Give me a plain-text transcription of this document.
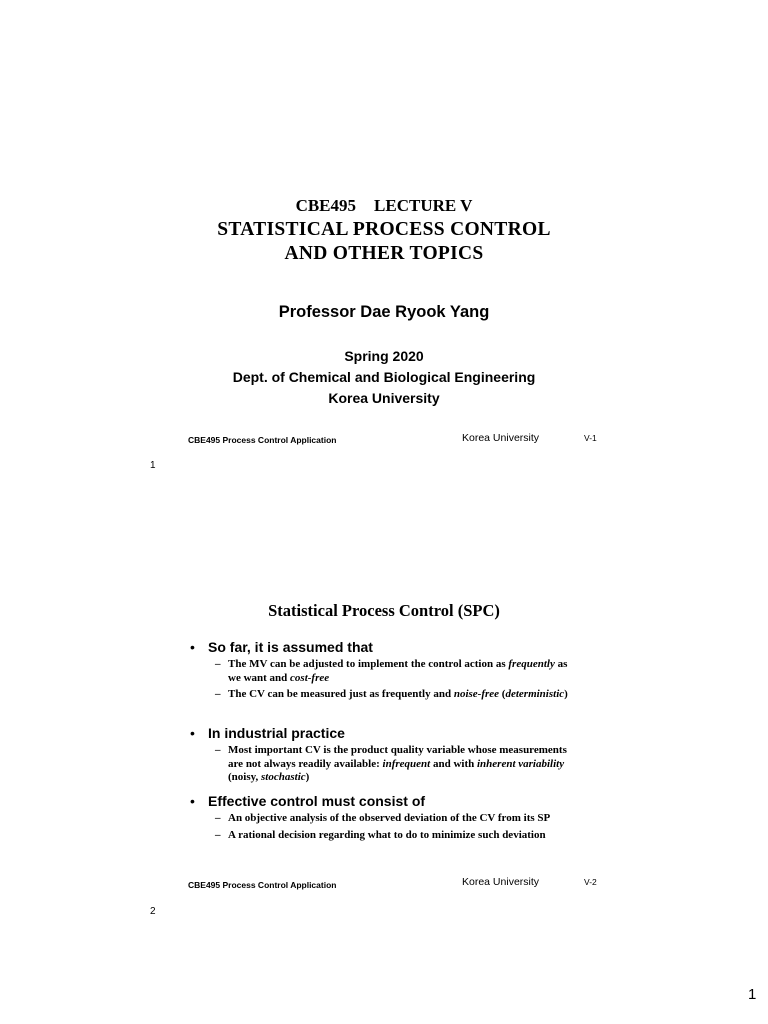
CBE495 LECTURE V
STATISTICAL PROCESS CONTROL
AND OTHER TOPICS
Professor Dae Ryook Yang
Spring 2020
Dept. of Chemical and Biological Engineering
Korea University
CBE495 Process Control Application	Korea University	V-1
1
Statistical Process Control (SPC)
• So far, it is assumed that
– The MV can be adjusted to implement the control action as frequently as we want and cost-free
– The CV can be measured just as frequently and noise-free (deterministic)
• In industrial practice
– Most important CV is the product quality variable whose measurements are not always readily available: infrequent and with inherent variability (noisy, stochastic)
• Effective control must consist of
– An objective analysis of the observed deviation of the CV from its SP
– A rational decision regarding what to do to minimize such deviation
CBE495 Process Control Application	Korea University	V-2
2
1
